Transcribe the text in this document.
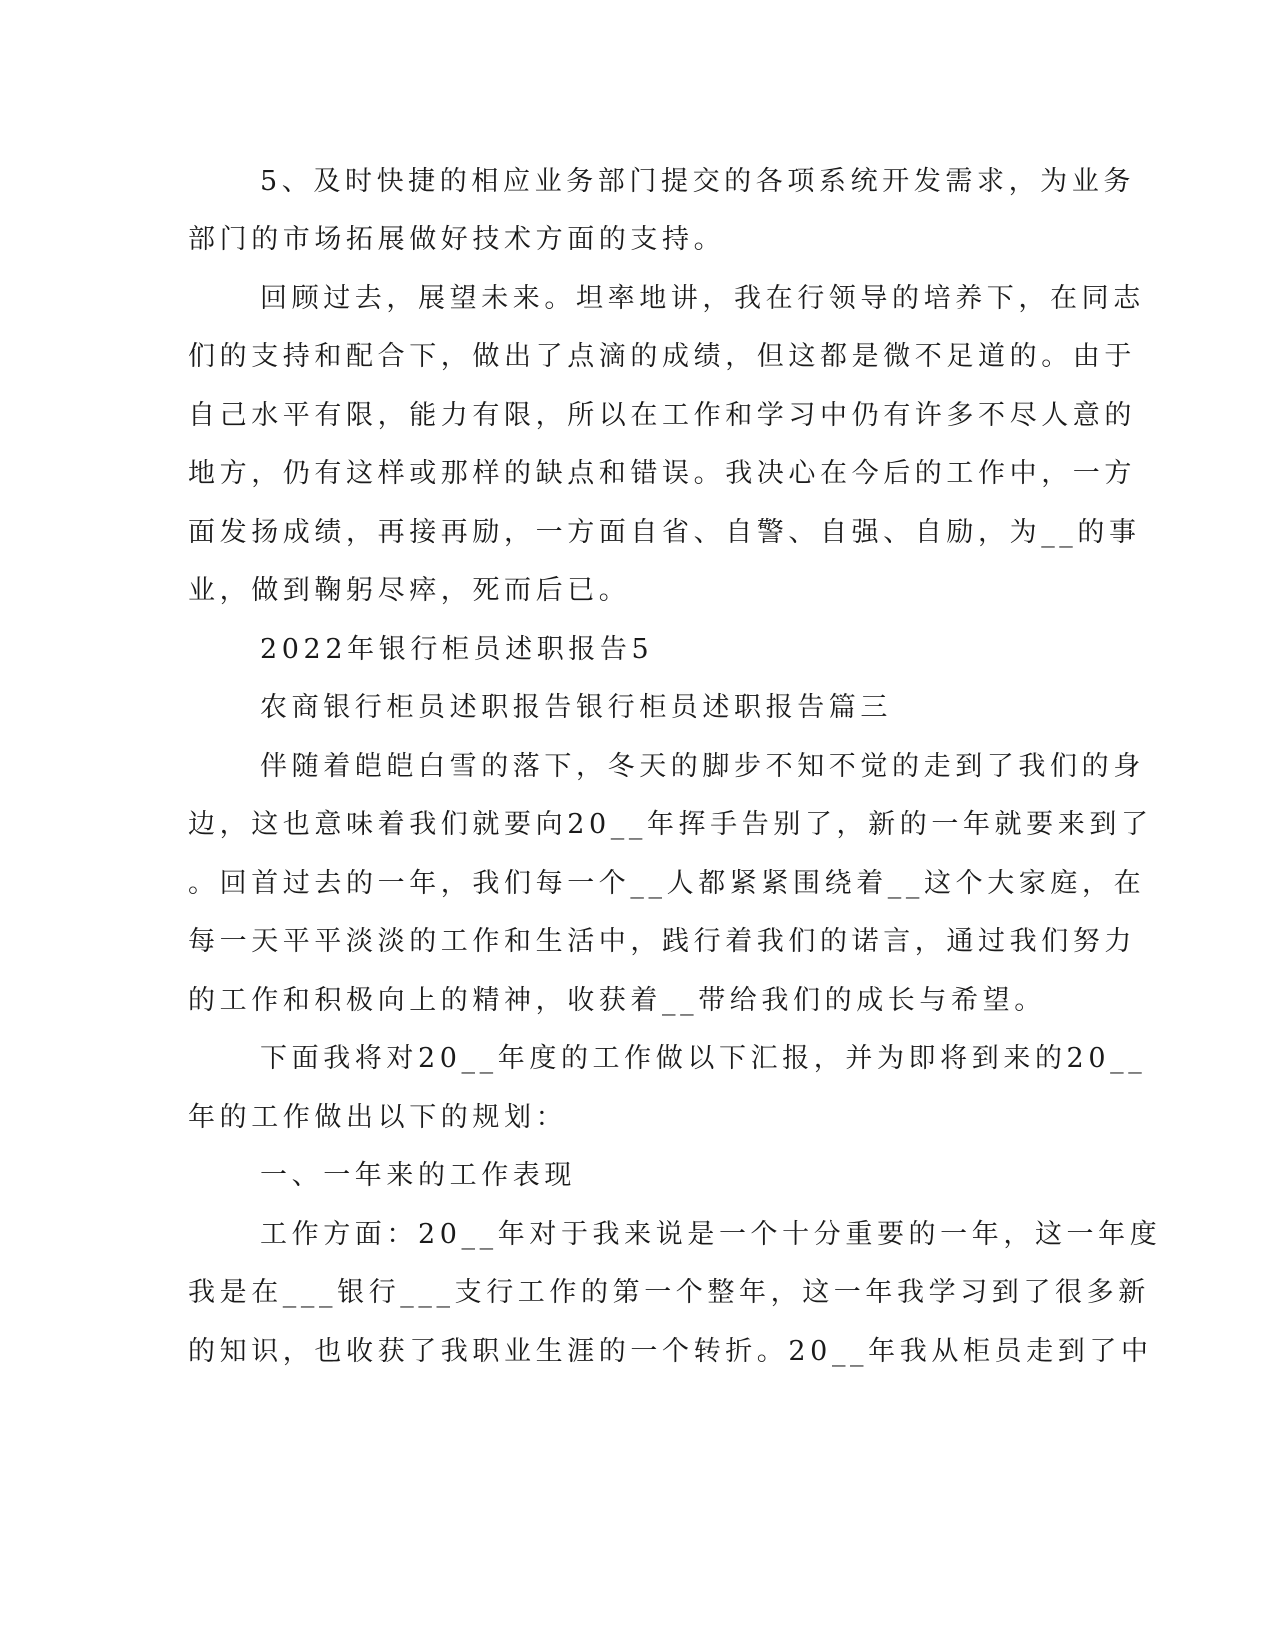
5、及时快捷的相应业务部门提交的各项系统开发需求，为业务

部门的市场拓展做好技术方面的支持。

回顾过去，展望未来。坦率地讲，我在行领导的培养下，在同志

们的支持和配合下，做出了点滴的成绩，但这都是微不足道的。由于

自己水平有限，能力有限，所以在工作和学习中仍有许多不尽人意的

地方，仍有这样或那样的缺点和错误。我决心在今后的工作中，一方

面发扬成绩，再接再励，一方面自省、自警、自强、自励，为__的事

业，做到鞠躬尽瘁，死而后已。

2022年银行柜员述职报告5

农商银行柜员述职报告银行柜员述职报告篇三

伴随着皑皑白雪的落下，冬天的脚步不知不觉的走到了我们的身

边，这也意味着我们就要向20__年挥手告别了，新的一年就要来到了

。回首过去的一年，我们每一个__人都紧紧围绕着__这个大家庭，在

每一天平平淡淡的工作和生活中，践行着我们的诺言，通过我们努力

的工作和积极向上的精神，收获着__带给我们的成长与希望。

下面我将对20__年度的工作做以下汇报，并为即将到来的20__

年的工作做出以下的规划：

一、一年来的工作表现

工作方面：20__年对于我来说是一个十分重要的一年，这一年度

我是在___银行___支行工作的第一个整年，这一年我学习到了很多新

的知识，也收获了我职业生涯的一个转折。20__年我从柜员走到了中
